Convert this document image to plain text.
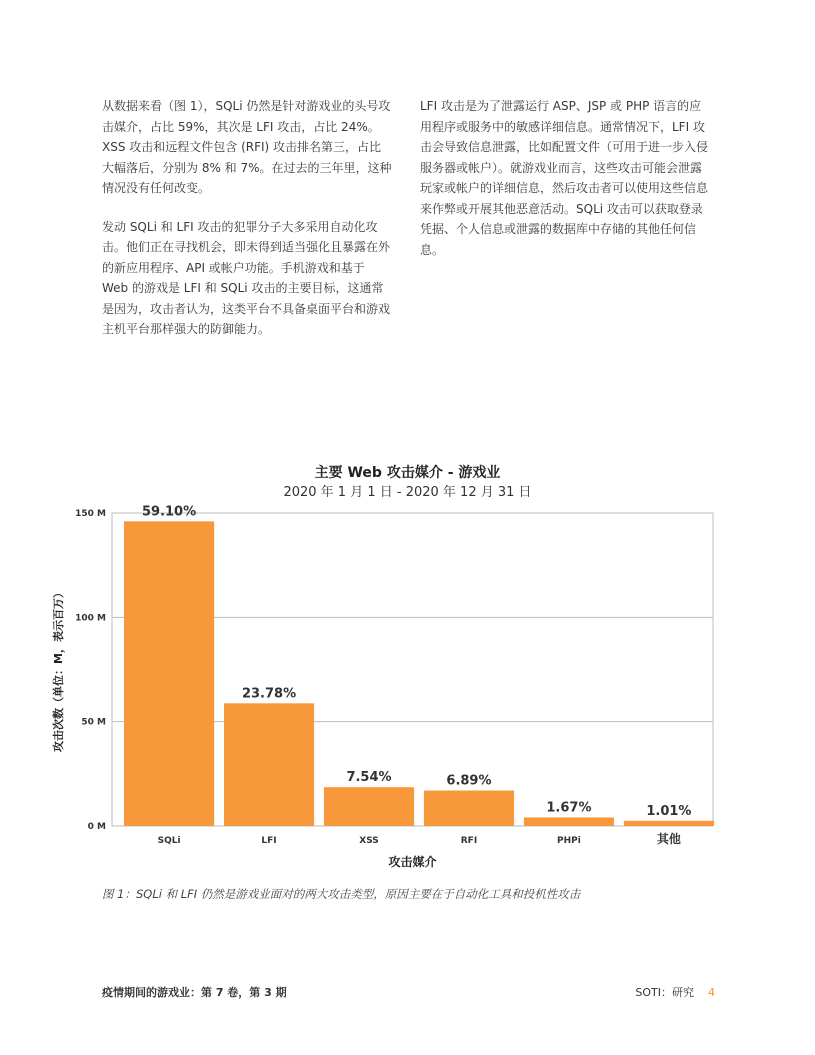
从数据来看（图 1），SQLi 仍然是针对游戏业的头号攻击媒介，占比 59%，其次是 LFI 攻击，占比 24%。XSS 攻击和远程文件包含 (RFI) 攻击排名第三，占比大幅落后，分别为 8% 和 7%。在过去的三年里，这种情况没有任何改变。

发动 SQLi 和 LFI 攻击的犯罪分子大多采用自动化攻击。他们正在寻找机会，即未得到适当强化且暴露在外的新应用程序、API 或帐户功能。手机游戏和基于 Web 的游戏是 LFI 和 SQLi 攻击的主要目标，这通常是因为，攻击者认为，这类平台不具备桌面平台和游戏主机平台那样强大的防御能力。

LFI 攻击是为了泄露运行 ASP、JSP 或 PHP 语言的应用程序或服务中的敏感详细信息。通常情况下，LFI 攻击会导致信息泄露，比如配置文件（可用于进一步入侵服务器或帐户）。就游戏业而言，这些攻击可能会泄露玩家或帐户的详细信息，然后攻击者可以使用这些信息来作弊或开展其他恶意活动。SQLi 攻击可以获取登录凭据、个人信息或泄露的数据库中存储的其他任何信息。

主要 Web 攻击媒介 - 游戏业
2020 年 1 月 1 日 - 2020 年 12 月 31 日
0 M
50 M
100 M
150 M	59.10%
SQLi
23.78%
LFI
7.54%
XSS
6.89%
RFI
1.67%
PHPi
1.01%
其他
攻击媒介
攻击次数（单位：M，表示百万）
图 1：SQLi 和 LFI 仍然是游戏业面对的两大攻击类型，原因主要在于自动化工具和投机性攻击
疫情期间的游戏业：第 7 卷，第 3 期	SOTI：研究 4
